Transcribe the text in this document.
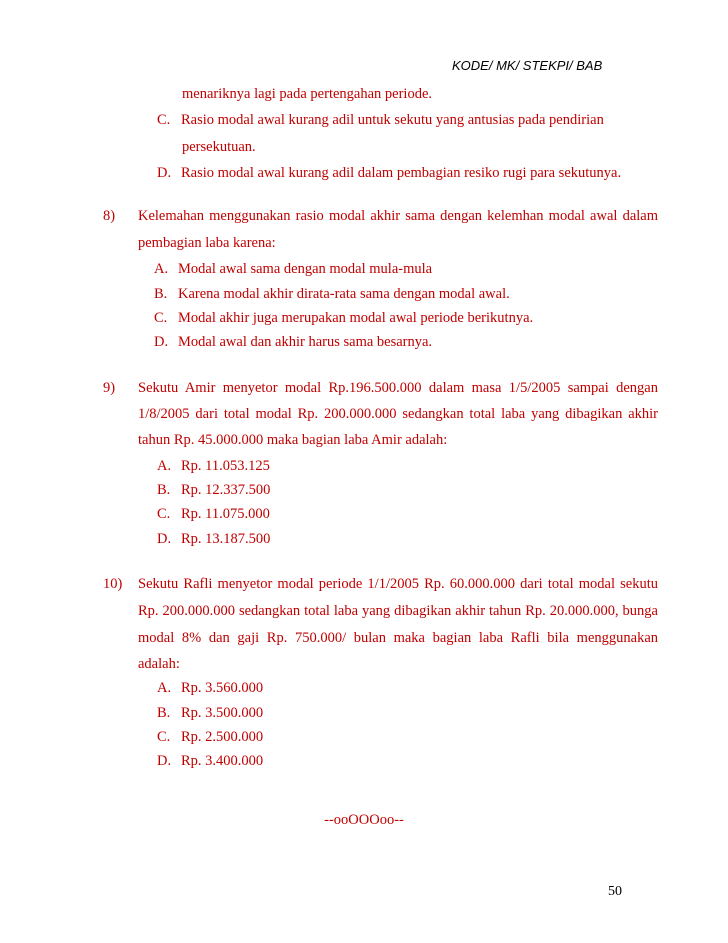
KODE/ MK/ STEKPI/ BAB
menariknya lagi pada pertengahan periode.
C. Rasio modal awal kurang adil untuk sekutu yang antusias pada pendirian
persekutuan.
D. Rasio modal awal kurang adil dalam pembagian resiko rugi para sekutunya.
8) Kelemahan menggunakan rasio modal akhir sama dengan kelemhan modal awal dalam
pembagian laba karena:
A. Modal awal sama dengan modal mula-mula
B. Karena modal akhir dirata-rata sama dengan modal awal.
C. Modal akhir juga merupakan modal awal periode berikutnya.
D. Modal awal dan akhir harus sama besarnya.
9) Sekutu Amir menyetor modal Rp.196.500.000 dalam masa 1/5/2005 sampai dengan
1/8/2005 dari total modal Rp. 200.000.000 sedangkan total laba yang dibagikan akhir
tahun Rp. 45.000.000 maka bagian laba Amir adalah:
A. Rp. 11.053.125
B. Rp. 12.337.500
C. Rp. 11.075.000
D. Rp. 13.187.500
10) Sekutu Rafli menyetor modal periode 1/1/2005 Rp. 60.000.000 dari total modal sekutu
Rp. 200.000.000 sedangkan total laba yang dibagikan akhir tahun Rp. 20.000.000, bunga
modal 8% dan gaji Rp. 750.000/ bulan maka bagian laba Rafli bila menggunakan
adalah:
A. Rp. 3.560.000
B. Rp. 3.500.000
C. Rp. 2.500.000
D. Rp. 3.400.000
--ooOOOoo--
50
